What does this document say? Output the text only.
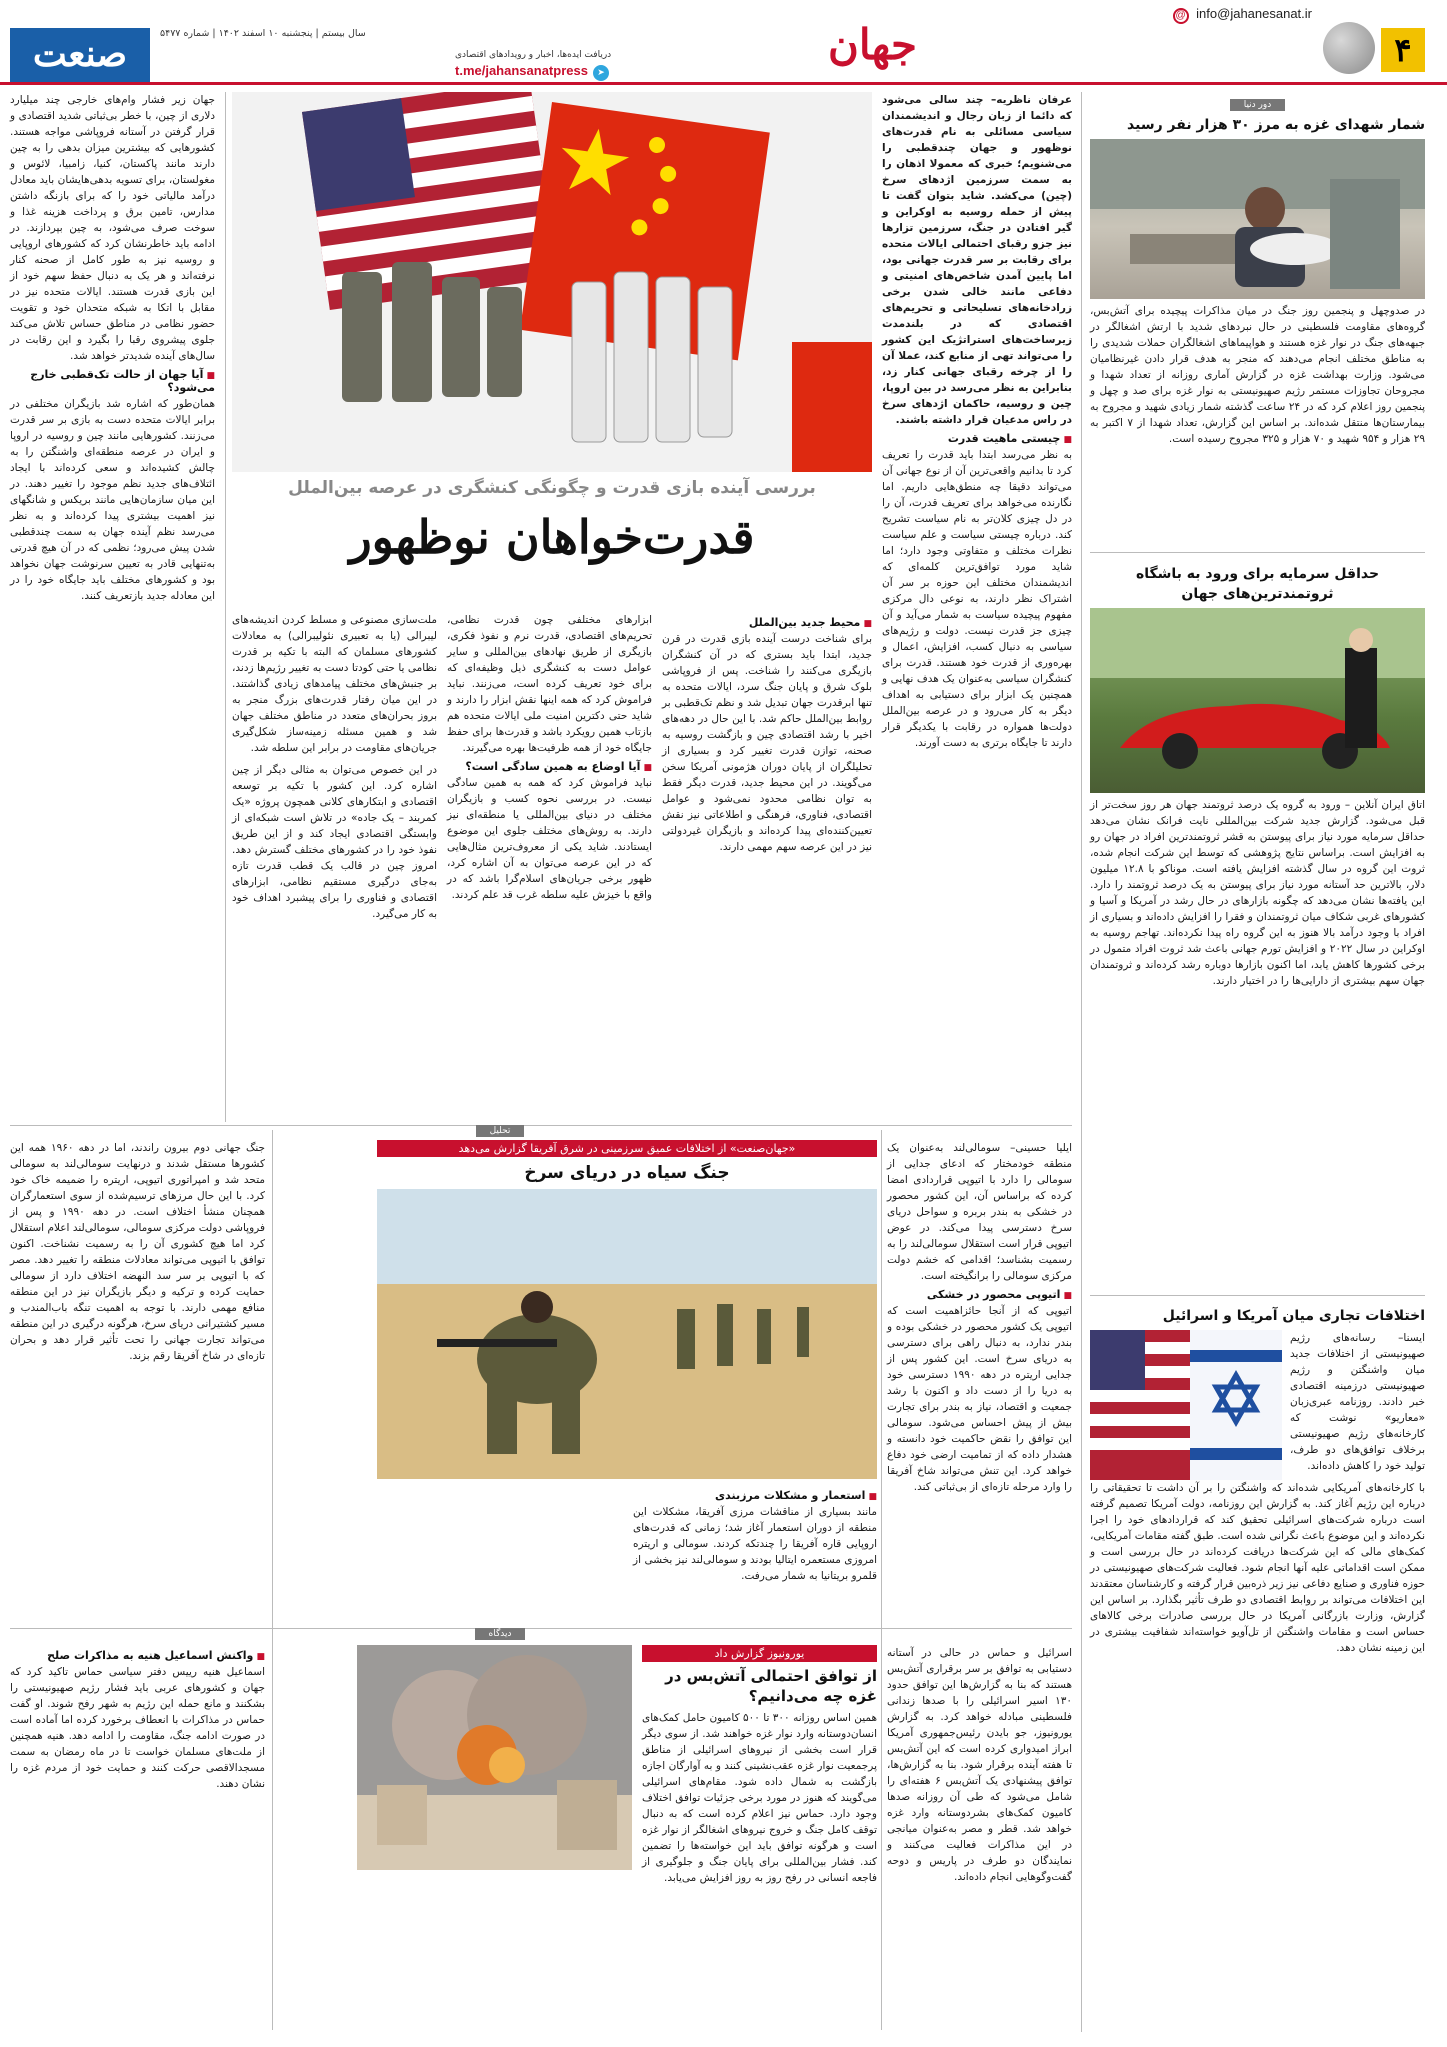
۴
@ info@jahanesanat.ir
جهان
دریافت ایده‌ها، اخبار و رویدادهای اقتصادی
➤ t.me/jahansanatpress
سال بیستم | پنجشنبه ۱۰ اسفند ۱۴۰۲ | شماره ۵۴۷۷
صنعت
دور دنیا
شمار شهدای غزه به مرز ۳۰ هزار نفر رسید

در صدوچهل و پنجمین روز جنگ در میان مذاکرات پیچیده برای آتش‌بس، گروه‌های مقاومت فلسطینی در حال نبردهای شدید با ارتش اشغالگر در جبهه‌های جنگ در نوار غزه هستند و هواپیماهای اشغالگران حملات شدیدی را به مناطق مختلف انجام می‌دهند که منجر به هدف قرار دادن غیرنظامیان می‌شود. وزارت بهداشت غزه در گزارش آماری روزانه از تعداد شهدا و مجروحان تجاوزات مستمر رژیم صهیونیستی به نوار غزه برای صد و چهل و پنجمین روز اعلام کرد که در ۲۴ ساعت گذشته شمار زیادی شهید و مجروح به بیمارستان‌ها منتقل شده‌اند. بر اساس این گزارش، تعداد شهدا از ۷ اکتبر به ۲۹ هزار و ۹۵۴ شهید و ۷۰ هزار و ۳۲۵ مجروح رسیده است.

حداقل سرمایه برای ورود به باشگاه ثروتمندترین‌های جهان

اتاق ایران آنلاین – ورود به گروه یک درصد ثروتمند جهان هر روز سخت‌تر از قبل می‌شود. گزارش جدید شرکت بین‌المللی نایت فرانک نشان می‌دهد حداقل سرمایه مورد نیاز برای پیوستن به قشر ثروتمندترین افراد در جهان رو به افزایش است. براساس نتایج پژوهشی که توسط این شرکت انجام شده، ثروت این گروه در سال گذشته افزایش یافته است. موناکو با ۱۲.۸ میلیون دلار، بالاترین حد آستانه مورد نیاز برای پیوستن به یک درصد ثروتمند را دارد. این یافته‌ها نشان می‌دهد که چگونه بازارهای در حال رشد در آمریکا و آسیا و کشورهای غربی شکاف میان ثروتمندان و فقرا را افزایش داده‌اند و بسیاری از افراد با وجود درآمد بالا هنوز به این گروه راه پیدا نکرده‌اند. تهاجم روسیه به اوکراین در سال ۲۰۲۲ و افزایش تورم جهانی باعث شد ثروت افراد متمول در برخی کشورها کاهش یابد، اما اکنون بازارها دوباره رشد کرده‌اند و ثروتمندان جهان سهم بیشتری از دارایی‌ها را در اختیار دارند.

اختلافات تجاری میان آمریکا و اسرائیل

ایسنا– رسانه‌های رژیم صهیونیستی از اختلافات جدید میان واشنگتن و رژیم صهیونیستی درزمینه اقتصادی خبر دادند. روزنامه عبری‌زبان «معاریو» نوشت که کارخانه‌های رژیم صهیونیستی برخلاف توافق‌های دو طرف، تولید خود را کاهش داده‌اند.

با کارخانه‌های آمریکایی شده‌اند که واشنگتن را بر آن داشت تا تحقیقاتی را درباره این رژیم آغاز کند. به گزارش این روزنامه، دولت آمریکا تصمیم گرفته است درباره شرکت‌های اسرائیلی تحقیق کند که قراردادهای خود را اجرا نکرده‌اند و این موضوع باعث نگرانی شده است. طبق گفته مقامات آمریکایی، کمک‌های مالی که این شرکت‌ها دریافت کرده‌اند در حال بررسی است و ممکن است اقداماتی علیه آنها انجام شود. فعالیت شرکت‌های صهیونیستی در حوزه فناوری و صنایع دفاعی نیز زیر ذره‌بین قرار گرفته و کارشناسان معتقدند این اختلافات می‌تواند بر روابط اقتصادی دو طرف تأثیر بگذارد. بر اساس این گزارش، وزارت بازرگانی آمریکا در حال بررسی صادرات برخی کالاهای حساس است و مقامات واشنگتن از تل‌آویو خواسته‌اند شفافیت بیشتری در این زمینه نشان دهد.

عرفان ناظریه– چند سالی می‌شود که دائما از زبان رجال و اندیشمندان سیاسی مسائلی به نام قدرت‌های نوظهور و جهان چندقطبی را می‌شنویم؛ خبری که معمولا اذهان را به سمت سرزمین اژدهای سرخ (چین) می‌کشد. شاید بتوان گفت تا پیش از حمله روسیه به اوکراین و گیر افتادن در جنگ، سرزمین تزارها نیز جزو رقبای احتمالی ایالات متحده برای رقابت بر سر قدرت جهانی بود، اما پایین آمدن شاخص‌های امنیتی و دفاعی مانند خالی شدن برخی زرادخانه‌های تسلیحاتی و تحریم‌های اقتصادی که در بلندمدت زیرساخت‌های استراتژیک این کشور را می‌تواند تهی از منابع کند، عملا آن را از چرخه رقبای جهانی کنار زد، بنابراین به نظر می‌رسد در بین اروپا، چین و روسیه، حاکمان اژدهای سرخ در راس مدعیان قرار داشته باشند.

■ چیستی ماهیت قدرت

به نظر می‌رسد ابتدا باید قدرت را تعریف کرد تا بدانیم واقعی‌ترین آن از نوع جهانی آن می‌تواند دقیقا چه منطق‌هایی داریم. اما نگارنده می‌خواهد برای تعریف قدرت، آن را در دل چیزی کلان‌تر به نام سیاست تشریح کند. درباره چیستی سیاست و علم سیاست نظرات مختلف و متفاوتی وجود دارد؛ اما شاید مورد توافق‌ترین کلمه‌ای که اندیشمندان مختلف این حوزه بر سر آن اشتراک نظر دارند، به نوعی دال مرکزی مفهوم پیچیده سیاست به شمار می‌آید و آن چیزی جز قدرت نیست. دولت و رژیم‌های سیاسی به دنبال کسب، افزایش، اعمال و بهره‌وری از قدرت خود هستند. قدرت برای کنشگران سیاسی به‌عنوان یک هدف نهایی و همچنین یک ابزار برای دستیابی به اهداف دیگر به کار می‌رود و در عرصه بین‌الملل دولت‌ها همواره در رقابت با یکدیگر قرار دارند تا جایگاه برتری به دست آورند.

بررسی آینده بازی قدرت و چگونگی کنشگری در عرصه بین‌الملل
قدرت‌خواهان نوظهور
■ محیط جدید بین‌الملل

برای شناخت درست آینده بازی قدرت در قرن جدید، ابتدا باید بستری که در آن کنشگران بازیگری می‌کنند را شناخت. پس از فروپاشی بلوک شرق و پایان جنگ سرد، ایالات متحده به تنها ابرقدرت جهان تبدیل شد و نظم تک‌قطبی بر روابط بین‌الملل حاکم شد. با این حال در دهه‌های اخیر با رشد اقتصادی چین و بازگشت روسیه به صحنه، توازن قدرت تغییر کرد و بسیاری از تحلیلگران از پایان دوران هژمونی آمریکا سخن می‌گویند. در این محیط جدید، قدرت دیگر فقط به توان نظامی محدود نمی‌شود و عوامل اقتصادی، فناوری، فرهنگی و اطلاعاتی نیز نقش تعیین‌کننده‌ای پیدا کرده‌اند و بازیگران غیردولتی نیز در این عرصه سهم مهمی دارند.

ابزارهای مختلفی چون قدرت نظامی، تحریم‌های اقتصادی، قدرت نرم و نفوذ فکری، بازیگری از طریق نهادهای بین‌المللی و سایر عوامل دست به کنشگری ذیل وظیفه‌ای که برای خود تعریف کرده است، می‌زنند. نباید فراموش کرد که همه اینها نقش ابزار را دارند و شاید حتی دکترین امنیت ملی ایالات متحده هم بازتاب همین رویکرد باشد و قدرت‌ها برای حفظ جایگاه خود از همه ظرفیت‌ها بهره می‌گیرند.

■ آیا اوضاع به همین سادگی است؟

نباید فراموش کرد که همه به همین سادگی نیست. در بررسی نحوه کسب و بازیگران مختلف در دنیای بین‌المللی یا منطقه‌ای نیز دارند. به روش‌های مختلف جلوی این موضوع ایستادند. شاید یکی از معروف‌ترین مثال‌هایی که در این عرصه می‌توان به آن اشاره کرد، ظهور برخی جریان‌های اسلام‌گرا باشد که در واقع با خیزش علیه سلطه غرب قد علم کردند.

ملت‌سازی مصنوعی و مسلط کردن اندیشه‌های لیبرالی (یا به تعبیری نئولیبرالی) به معادلات کشورهای مسلمان که البته با تکیه بر قدرت نظامی یا حتی کودتا دست به تغییر رژیم‌ها زدند، بر جنبش‌های مختلف پیامدهای زیادی گذاشتند. در این میان رفتار قدرت‌های بزرگ منجر به بروز بحران‌های متعدد در مناطق مختلف جهان شد و همین مسئله زمینه‌ساز شکل‌گیری جریان‌های مقاومت در برابر این سلطه شد.

در این خصوص می‌توان به مثالی دیگر از چین اشاره کرد. این کشور با تکیه بر توسعه اقتصادی و ابتکارهای کلانی همچون پروژه «یک کمربند – یک جاده» در تلاش است شبکه‌ای از وابستگی اقتصادی ایجاد کند و از این طریق نفوذ خود را در کشورهای مختلف گسترش دهد. امروز چین در قالب یک قطب قدرت تازه به‌جای درگیری مستقیم نظامی، ابزارهای اقتصادی و فناوری را برای پیشبرد اهداف خود به کار می‌گیرد.

جهان زیر فشار وام‌های خارجی چند میلیارد دلاری از چین، با خطر بی‌ثباتی شدید اقتصادی و قرار گرفتن در آستانه فروپاشی مواجه هستند. کشورهایی که بیشترین میزان بدهی را به چین دارند مانند پاکستان، کنیا، زامبیا، لائوس و مغولستان، برای تسویه بدهی‌هایشان باید معادل درآمد مالیاتی خود را که برای بازنگه داشتن مدارس، تامین برق و پرداخت هزینه غذا و سوخت صرف می‌شود، به چین بپردازند. در ادامه باید خاطرنشان کرد که کشورهای اروپایی و روسیه نیز به طور کامل از صحنه کنار نرفته‌اند و هر یک به دنبال حفظ سهم خود از این بازی قدرت هستند. ایالات متحده نیز در مقابل با اتکا به شبکه متحدان خود و تقویت حضور نظامی در مناطق حساس تلاش می‌کند جلوی پیشروی رقبا را بگیرد و این رقابت در سال‌های آینده شدیدتر خواهد شد.

■ آیا جهان از حالت تک‌قطبی خارج می‌شود؟

همان‌طور که اشاره شد بازیگران مختلفی در برابر ایالات متحده دست به بازی بر سر قدرت می‌زنند. کشورهایی مانند چین و روسیه در اروپا و ایران در عرصه منطقه‌ای واشنگتن را به چالش کشیده‌اند و سعی کرده‌اند با ایجاد ائتلاف‌های جدید نظم موجود را تغییر دهند. در این میان سازمان‌هایی مانند بریکس و شانگهای نیز اهمیت بیشتری پیدا کرده‌اند و به نظر می‌رسد نظم آینده جهان به سمت چندقطبی شدن پیش می‌رود؛ نظمی که در آن هیچ قدرتی به‌تنهایی قادر به تعیین سرنوشت جهان نخواهد بود و کشورهای مختلف باید جایگاه خود را در این معادله جدید بازتعریف کنند.

تحلیل

ایلیا حسینی– سومالی‌لند به‌عنوان یک منطقه خودمختار که ادعای جدایی از سومالی را دارد با اتیوپی قراردادی امضا کرده که براساس آن، این کشور محصور در خشکی به بندر بربره و سواحل دریای سرخ دسترسی پیدا می‌کند. در عوض اتیوپی قرار است استقلال سومالی‌لند را به رسمیت بشناسد؛ اقدامی که خشم دولت مرکزی سومالی را برانگیخته است.

■ اتیوپی محصور در خشکی

اتیوپی که از آنجا حائزاهمیت است که اتیوپی یک کشور محصور در خشکی بوده و بندر ندارد، به دنبال راهی برای دسترسی به دریای سرخ است. این کشور پس از جدایی اریتره در دهه ۱۹۹۰ دسترسی خود به دریا را از دست داد و اکنون با رشد جمعیت و اقتصاد، نیاز به بندر برای تجارت بیش از پیش احساس می‌شود. سومالی این توافق را نقض حاکمیت خود دانسته و هشدار داده که از تمامیت ارضی خود دفاع خواهد کرد. این تنش می‌تواند شاخ آفریقا را وارد مرحله تازه‌ای از بی‌ثباتی کند.

«جهان‌صنعت» از اختلافات عمیق سرزمینی در شرق آفریقا گزارش می‌دهد
جنگ سیاه در دریای سرخ
■ استعمار و مشکلات مرزبندی

مانند بسیاری از مناقشات مرزی آفریقا، مشکلات این منطقه از دوران استعمار آغاز شد؛ زمانی که قدرت‌های اروپایی قاره آفریقا را چندتکه کردند. سومالی و اریتره امروزی مستعمره ایتالیا بودند و سومالی‌لند نیز بخشی از قلمرو بریتانیا به شمار می‌رفت.

جنگ جهانی دوم بیرون راندند، اما در دهه ۱۹۶۰ همه این کشورها مستقل شدند و درنهایت سومالی‌لند به سومالی متحد شد و امپراتوری اتیوپی، اریتره را ضمیمه خاک خود کرد. با این حال مرزهای ترسیم‌شده از سوی استعمارگران همچنان منشأ اختلاف است. در دهه ۱۹۹۰ و پس از فروپاشی دولت مرکزی سومالی، سومالی‌لند اعلام استقلال کرد اما هیچ کشوری آن را به رسمیت نشناخت. اکنون توافق با اتیوپی می‌تواند معادلات منطقه را تغییر دهد. مصر که با اتیوپی بر سر سد النهضه اختلاف دارد از سومالی حمایت کرده و ترکیه و دیگر بازیگران نیز در این منطقه منافع مهمی دارند. با توجه به اهمیت تنگه باب‌المندب و مسیر کشتیرانی دریای سرخ، هرگونه درگیری در این منطقه می‌تواند تجارت جهانی را تحت تأثیر قرار دهد و بحران تازه‌ای در شاخ آفریقا رقم بزند.

دیدگاه

اسرائیل و حماس در حالی در آستانه دستیابی به توافق بر سر برقراری آتش‌بس هستند که بنا به گزارش‌ها این توافق حدود ۱۳۰ اسیر اسرائیلی را با صدها زندانی فلسطینی مبادله خواهد کرد. به گزارش یورونیوز، جو بایدن رئیس‌جمهوری آمریکا ابراز امیدواری کرده است که این آتش‌بس تا هفته آینده برقرار شود. بنا به گزارش‌ها، توافق پیشنهادی یک آتش‌بس ۶ هفته‌ای را شامل می‌شود که طی آن روزانه صدها کامیون کمک‌های بشردوستانه وارد غزه خواهد شد. قطر و مصر به‌عنوان میانجی در این مذاکرات فعالیت می‌کنند و نمایندگان دو طرف در پاریس و دوحه گفت‌وگوهایی انجام داده‌اند.

یورونیوز گزارش داد
از توافق احتمالی آتش‌بس در غزه چه می‌دانیم؟

همین اساس روزانه ۳۰۰ تا ۵۰۰ کامیون حامل کمک‌های انسان‌دوستانه وارد نوار غزه خواهند شد. از سوی دیگر قرار است بخشی از نیروهای اسرائیلی از مناطق پرجمعیت نوار غزه عقب‌نشینی کنند و به آوارگان اجازه بازگشت به شمال داده شود. مقام‌های اسرائیلی می‌گویند که هنوز در مورد برخی جزئیات توافق اختلاف وجود دارد. حماس نیز اعلام کرده است که به دنبال توقف کامل جنگ و خروج نیروهای اشغالگر از نوار غزه است و هرگونه توافق باید این خواسته‌ها را تضمین کند. فشار بین‌المللی برای پایان جنگ و جلوگیری از فاجعه انسانی در رفح روز به روز افزایش می‌یابد.

■ واکنش اسماعیل هنیه به مذاکرات صلح

اسماعیل هنیه رییس دفتر سیاسی حماس تاکید کرد که جهان و کشورهای عربی باید فشار رژیم صهیونیستی را بشکنند و مانع حمله این رژیم به شهر رفح شوند. او گفت حماس در مذاکرات با انعطاف برخورد کرده اما آماده است در صورت ادامه جنگ، مقاومت را ادامه دهد. هنیه همچنین از ملت‌های مسلمان خواست تا در ماه رمضان به سمت مسجدالاقصی حرکت کنند و حمایت خود از مردم غزه را نشان دهند.
